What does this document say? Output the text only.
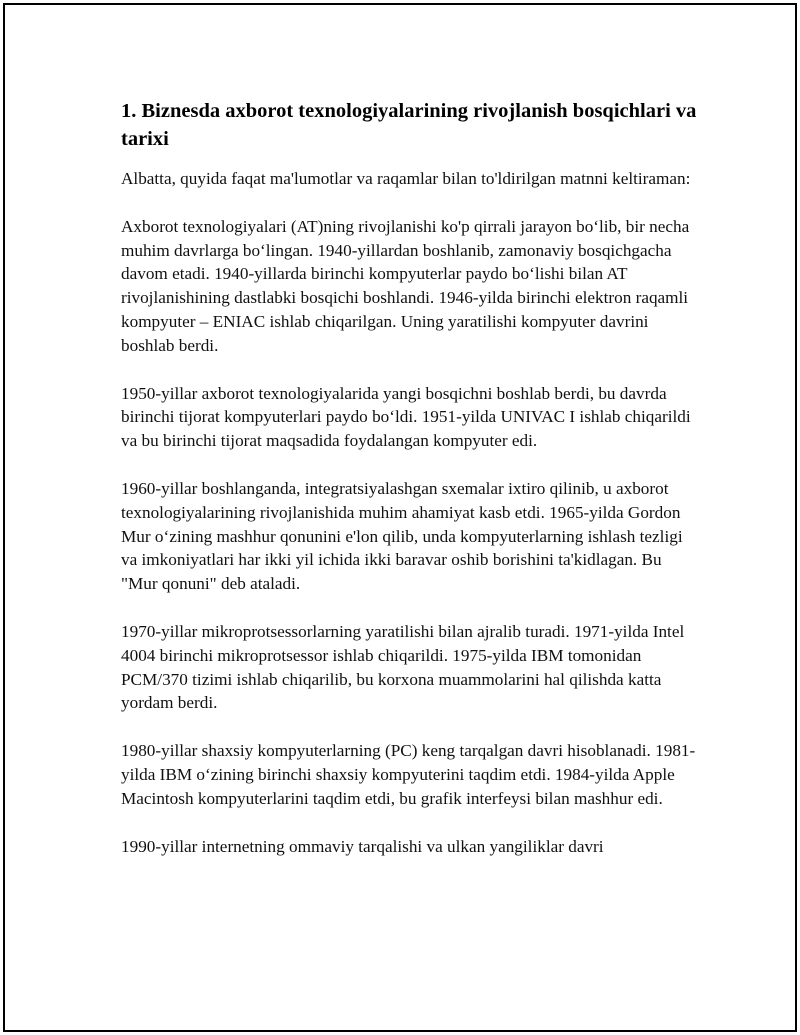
1. Biznesda axborot texnologiyalarining rivojlanish bosqichlari va tarixi

Albatta, quyida faqat ma'lumotlar va raqamlar bilan to'ldirilgan matnni keltiraman:

Axborot texnologiyalari (AT)ning rivojlanishi ko'p qirrali jarayon bo‘lib, bir necha muhim davrlarga bo‘lingan. 1940-yillardan boshlanib, zamonaviy bosqichgacha davom etadi. 1940-yillarda birinchi kompyuterlar paydo bo‘lishi bilan AT rivojlanishining dastlabki bosqichi boshlandi. 1946-yilda birinchi elektron raqamli kompyuter – ENIAC ishlab chiqarilgan. Uning yaratilishi kompyuter davrini boshlab berdi.

1950-yillar axborot texnologiyalarida yangi bosqichni boshlab berdi, bu davrda birinchi tijorat kompyuterlari paydo bo‘ldi. 1951-yilda UNIVAC I ishlab chiqarildi va bu birinchi tijorat maqsadida foydalangan kompyuter edi.

1960-yillar boshlanganda, integratsiyalashgan sxemalar ixtiro qilinib, u axborot texnologiyalarining rivojlanishida muhim ahamiyat kasb etdi. 1965-yilda Gordon Mur o‘zining mashhur qonunini e'lon qilib, unda kompyuterlarning ishlash tezligi va imkoniyatlari har ikki yil ichida ikki baravar oshib borishini ta'kidlagan. Bu "Mur qonuni" deb ataladi.

1970-yillar mikroprotsessorlarning yaratilishi bilan ajralib turadi. 1971-yilda Intel 4004 birinchi mikroprotsessor ishlab chiqarildi. 1975-yilda IBM tomonidan PCM/370 tizimi ishlab chiqarilib, bu korxona muammolarini hal qilishda katta yordam berdi.

1980-yillar shaxsiy kompyuterlarning (PC) keng tarqalgan davri hisoblanadi. 1981-yilda IBM o‘zining birinchi shaxsiy kompyuterini taqdim etdi. 1984-yilda Apple Macintosh kompyuterlarini taqdim etdi, bu grafik interfeysi bilan mashhur edi.

1990-yillar internetning ommaviy tarqalishi va ulkan yangiliklar davri
